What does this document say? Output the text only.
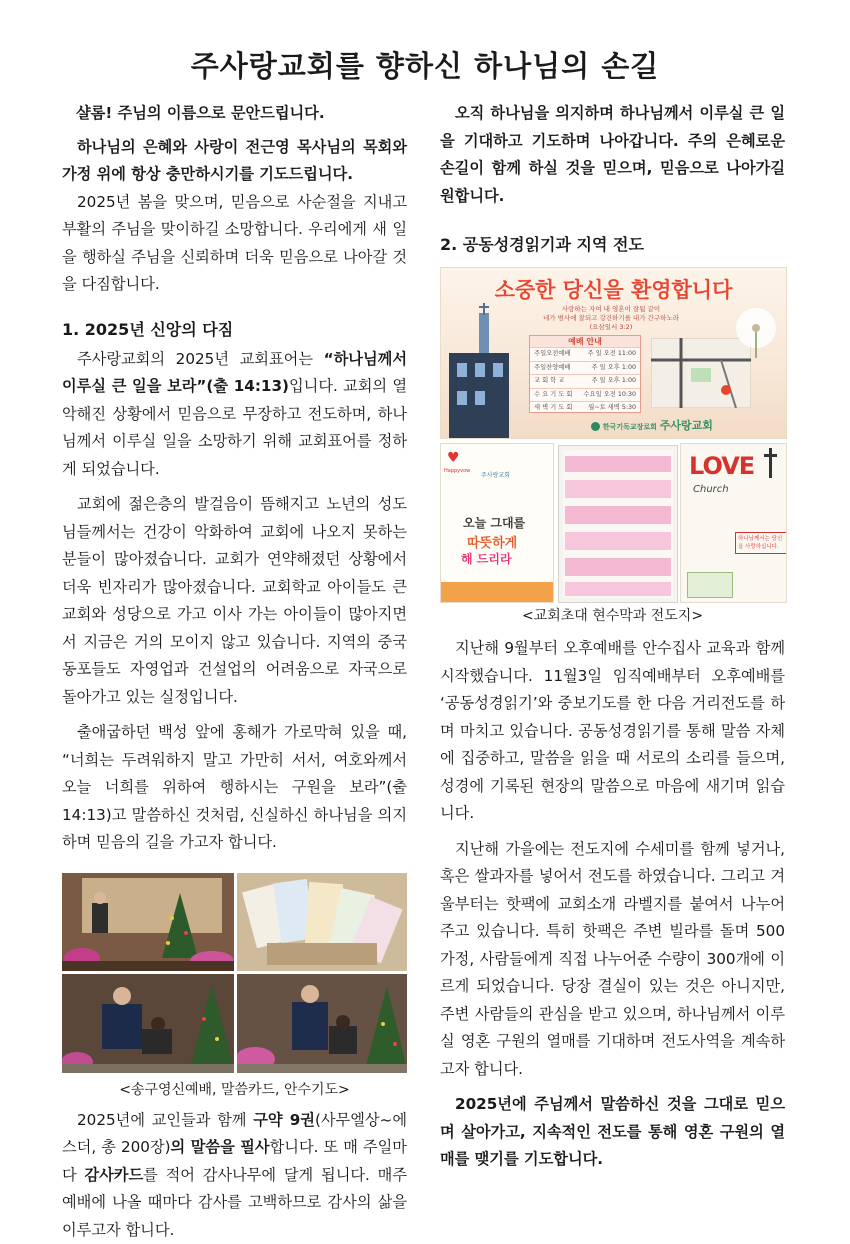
주사랑교회를 향하신 하나님의 손길

샬롬! 주님의 이름으로 문안드립니다.

하나님의 은혜와 사랑이 전근영 목사님의 목회와 가정 위에 항상 충만하시기를 기도드립니다.

2025년 봄을 맞으며, 믿음으로 사순절을 지내고 부활의 주님을 맞이하길 소망합니다. 우리에게 새 일을 행하실 주님을 신뢰하며 더욱 믿음으로 나아갈 것을 다짐합니다.

1. 2025년 신앙의 다짐

주사랑교회의 2025년 교회표어는 “하나님께서 이루실 큰 일을 보라”(출 14:13)입니다. 교회의 열악해진 상황에서 믿음으로 무장하고 전도하며, 하나님께서 이루실 일을 소망하기 위해 교회표어를 정하게 되었습니다.

교회에 젊은층의 발걸음이 뜸해지고 노년의 성도님들께서는 건강이 악화하여 교회에 나오지 못하는 분들이 많아졌습니다. 교회가 연약해졌던 상황에서 더욱 빈자리가 많아졌습니다. 교회학교 아이들도 큰 교회와 성당으로 가고 이사 가는 아이들이 많아지면서 지금은 거의 모이지 않고 있습니다. 지역의 중국동포들도 자영업과 건설업의 어려움으로 자국으로 돌아가고 있는 실정입니다.

출애굽하던 백성 앞에 홍해가 가로막혀 있을 때, “너희는 두려워하지 말고 가만히 서서, 여호와께서 오늘 너희를 위하여 행하시는 구원을 보라”(출 14:13)고 말씀하신 것처럼, 신실하신 하나님을 의지하며 믿음의 길을 가고자 합니다.

<송구영신예배, 말씀카드, 안수기도>

2025년에 교인들과 함께 구약 9권(사무엘상~에스더, 총 200장)의 말씀을 필사합니다. 또 매 주일마다 감사카드를 적어 감사나무에 달게 됩니다. 매주 예배에 나올 때마다 감사를 고백하므로 감사의 삶을 이루고자 합니다.

오직 하나님을 의지하며 하나님께서 이루실 큰 일을 기대하고 기도하며 나아갑니다. 주의 은혜로운 손길이 함께 하실 것을 믿으며, 믿음으로 나아가길 원합니다.

2. 공동성경읽기과 지역 전도

소중한 당신을 환영합니다
사랑하는 자여 내 영혼이 잘됨 같이
네가 범사에 잘되고 강건하기를 내가 간구하노라
(요삼일서 3:2)
예배 안내
주일오전예배	주 일 오전 11:00
주일찬양예배	주 일 오후 1:00
교 회 학 교	주 일 오후 1:00
수 요 기 도 회 수요일 오전 10:30
새 벽 기 도 회	월~토 새벽 5:30
한국기독교장로회 주사랑교회
Happyvow
♥
주사랑교회
오늘 그대를
따뜻하게
해 드리라
LOVE
Church
하나님께서는 당신을 사랑하십니다.

<교회초대 현수막과 전도지>

지난해 9월부터 오후예배를 안수집사 교육과 함께 시작했습니다. 11월3일 임직예배부터 오후예배를 ‘공동성경읽기’와 중보기도를 한 다음 거리전도를 하며 마치고 있습니다. 공동성경읽기를 통해 말씀 자체에 집중하고, 말씀을 읽을 때 서로의 소리를 들으며, 성경에 기록된 현장의 말씀으로 마음에 새기며 읽습니다.

지난해 가을에는 전도지에 수세미를 함께 넣거나, 혹은 쌀과자를 넣어서 전도를 하였습니다. 그리고 겨울부터는 핫팩에 교회소개 라벨지를 붙여서 나누어주고 있습니다. 특히 핫팩은 주변 빌라를 돌며 500가정, 사람들에게 직접 나누어준 수량이 300개에 이르게 되었습니다. 당장 결실이 있는 것은 아니지만, 주변 사람들의 관심을 받고 있으며, 하나님께서 이루실 영혼 구원의 열매를 기대하며 전도사역을 계속하고자 합니다.

2025년에 주님께서 말씀하신 것을 그대로 믿으며 살아가고, 지속적인 전도를 통해 영혼 구원의 열매를 맺기를 기도합니다.
